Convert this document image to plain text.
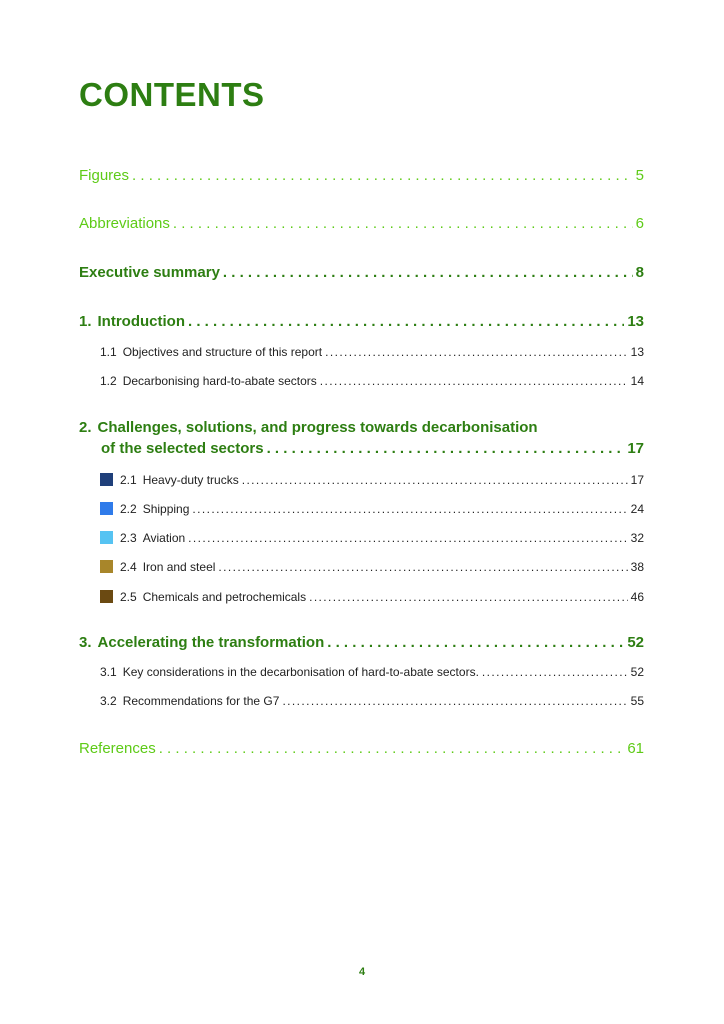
CONTENTS
Figures . . .	5
Abbreviations . . .	6
Executive summary . . .	8
1. Introduction . . .	13
1.1 Objectives and structure of this report .....	13
1.2 Decarbonising hard-to-abate sectors .....	14
2. Challenges, solutions, and progress towards decarbonisation
of the selected sectors . . .	17
2.1 Heavy-duty trucks .....	17
2.2 Shipping .....	24
2.3 Aviation .....	32
2.4 Iron and steel .....	38
2.5 Chemicals and petrochemicals .....	46
3. Accelerating the transformation . . .	52
3.1 Key considerations in the decarbonisation of hard-to-abate sectors. .....	52
3.2 Recommendations for the G7 .....	55
References . . .	61
4
